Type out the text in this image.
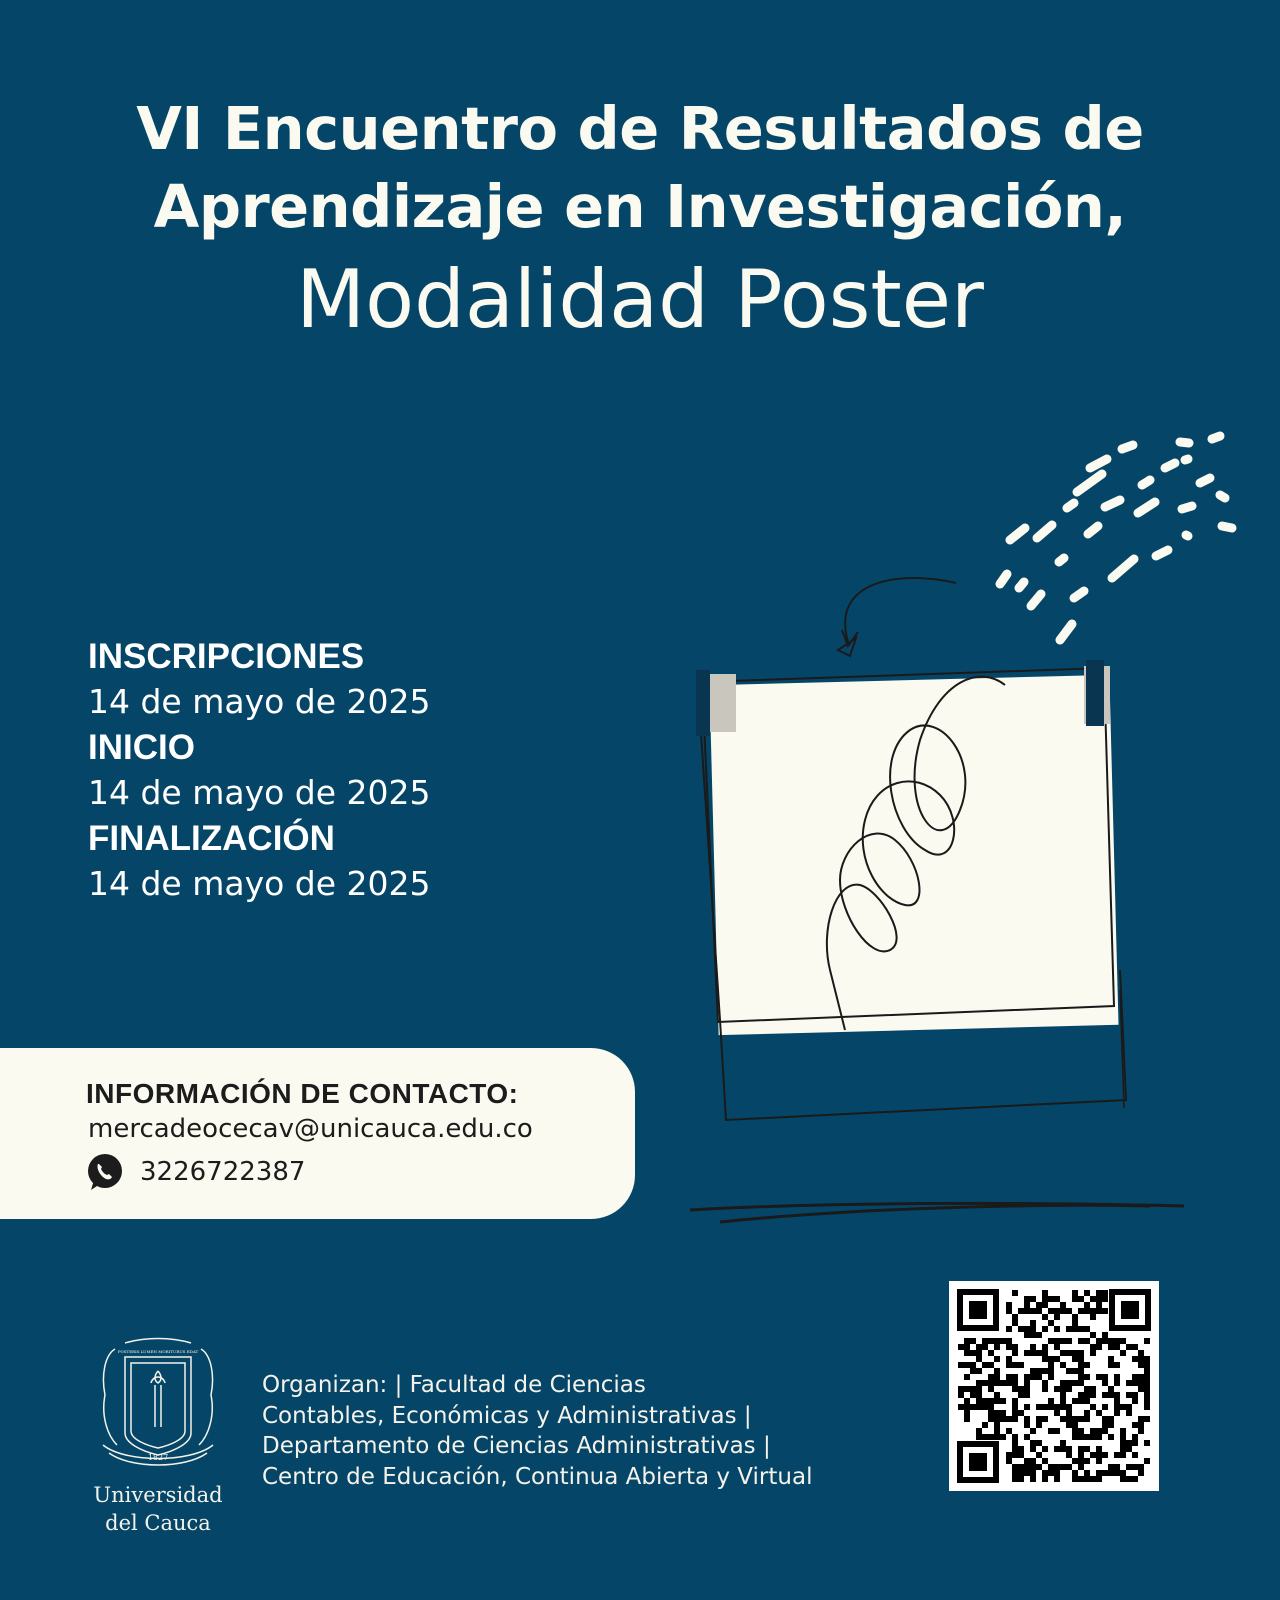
VI Encuentro de Resultados de
Aprendizaje en Investigación,
Modalidad Poster
INSCRIPCIONES
14 de mayo de 2025
INICIO
14 de mayo de 2025
FINALIZACIÓN
14 de mayo de 2025
INFORMACIÓN DE CONTACTO:
mercadeocecav@unicauca.edu.co
3226722387
1827
POSTERIS LUMEN MORITURUS EDAT
Universidad
del Cauca
Organizan: | Facultad de Ciencias
Contables, Económicas y Administrativas |
Departamento de Ciencias Administrativas |
Centro de Educación, Continua Abierta y Virtual
